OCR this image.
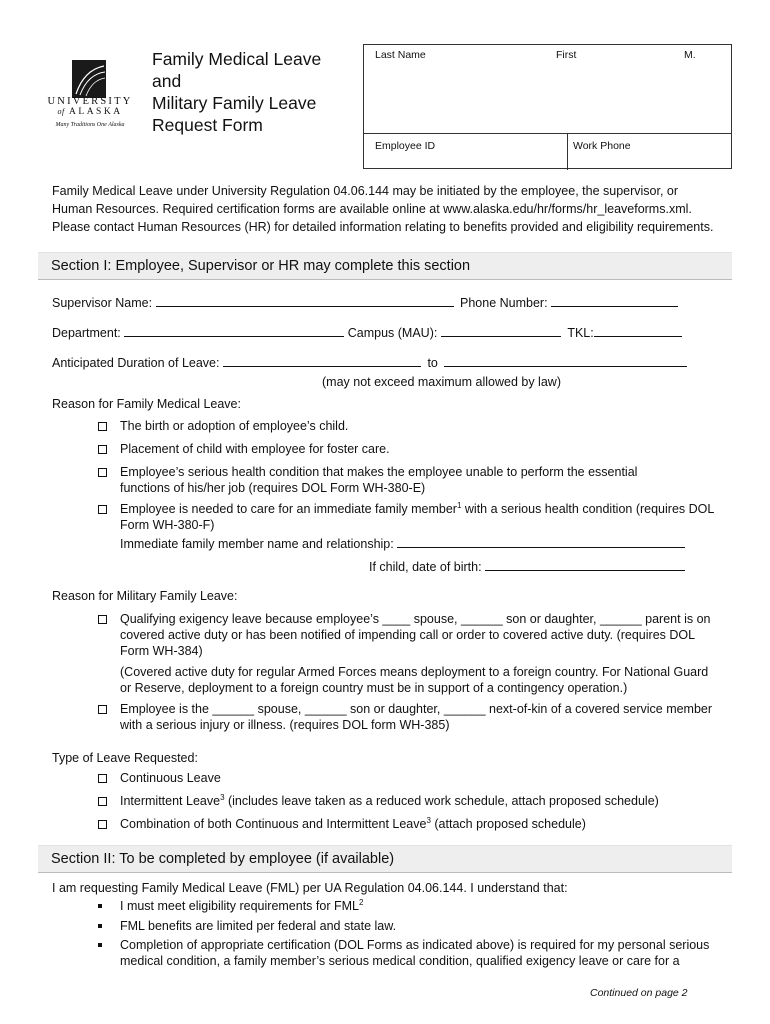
UNIVERSITY
of ALASKA
Many Traditions One Alaska
Family Medical Leave
and
Military Family Leave
Request Form
Last Name	First	M.
Employee ID	Work Phone
Family Medical Leave under University Regulation 04.06.144 may be initiated by the employee, the supervisor, or
Human Resources. Required certification forms are available online at www.alaska.edu/hr/forms/hr_leaveforms.xml.
Please contact Human Resources (HR) for detailed information relating to benefits provided and eligibility requirements.
Section I: Employee, Supervisor or HR may complete this section
Supervisor Name:	Phone Number:
Department:	Campus (MAU):	TKL:
Anticipated Duration of Leave:	to
(may not exceed maximum allowed by law)
Reason for Family Medical Leave:
The birth or adoption of employee’s child.
Placement of child with employee for foster care.
Employee’s serious health condition that makes the employee unable to perform the essential
functions of his/her job (requires DOL Form WH-380-E)
Employee is needed to care for an immediate family member$^1$ with a serious health condition (requires DOL
Form WH-380-F)
Immediate family member name and relationship:
If child, date of birth:
Reason for Military Family Leave:
Qualifying exigency leave because employee’s ____ spouse, ______ son or daughter, ______ parent is on
covered active duty or has been notified of impending call or order to covered active duty. (requires DOL
Form WH-384)
(Covered active duty for regular Armed Forces means deployment to a foreign country. For National Guard
or Reserve, deployment to a foreign country must be in support of a contingency operation.)
Employee is the ______ spouse, ______ son or daughter, ______ next-of-kin of a covered service member
with a serious injury or illness. (requires DOL form WH-385)
Type of Leave Requested:
Continuous Leave
Intermittent Leave$^3$ (includes leave taken as a reduced work schedule, attach proposed schedule)
Combination of both Continuous and Intermittent Leave$^3$ (attach proposed schedule)
Section II: To be completed by employee (if available)
I am requesting Family Medical Leave (FML) per UA Regulation 04.06.144. I understand that:
I must meet eligibility requirements for FML$^2$
FML benefits are limited per federal and state law.
Completion of appropriate certification (DOL Forms as indicated above) is required for my personal serious
medical condition, a family member’s serious medical condition, qualified exigency leave or care for a
Continued on page 2
